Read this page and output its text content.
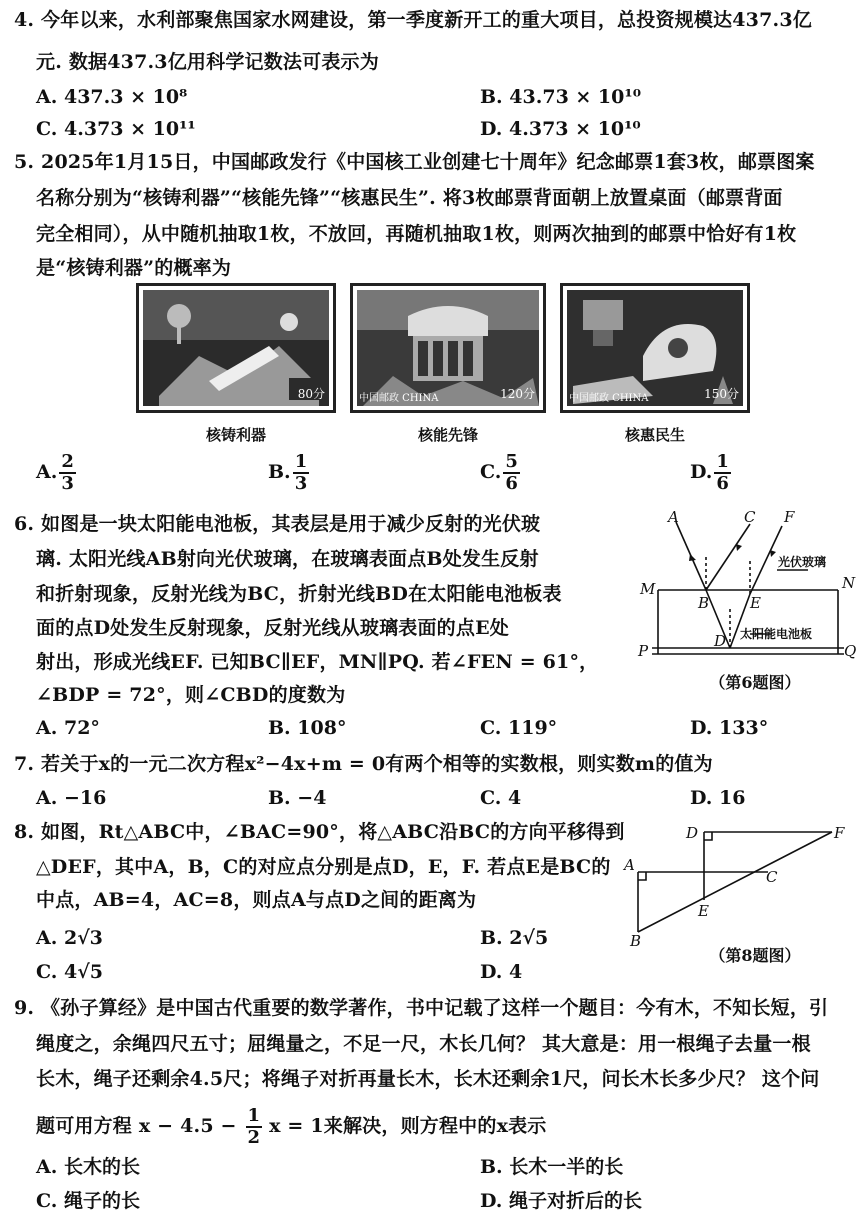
4. 今年以来，水利部聚焦国家水网建设，第一季度新开工的重大项目，总投资规模达437.3亿
元. 数据437.3亿用科学记数法可表示为
A. 437.3 × 10⁸	B. 43.73 × 10¹⁰
C. 4.373 × 10¹¹	D. 4.373 × 10¹⁰
5. 2025年1月15日，中国邮政发行《中国核工业创建七十周年》纪念邮票1套3枚，邮票图案
名称分别为“核铸利器”“核能先锋”“核惠民生”. 将3枚邮票背面朝上放置桌面（邮票背面
完全相同），从中随机抽取1枚，不放回，再随机抽取1枚，则两次抽到的邮票中恰好有1枚
是“核铸利器”的概率为
80分
核铸利器
中国邮政 CHINA	120分
核能先锋
中国邮政 CHINA	150分
核惠民生
A. $\frac{2}{3}$	B. $\frac{1}{3}$	C. $\frac{5}{6}$	D. $\frac{1}{6}$
6. 如图是一块太阳能电池板，其表层是用于减少反射的光伏玻
璃. 太阳光线AB射向光伏玻璃，在玻璃表面点B处发生反射
和折射现象，反射光线为BC，折射光线BD在太阳能电池板表
面的点D处发生反射现象，反射光线从玻璃表面的点E处
射出，形成光线EF. 已知BC∥EF，MN∥PQ. 若∠FEN = 61°，
∠BDP = 72°，则∠CBD的度数为
A	C F
M	N
B	E
D
P	Q
光伏玻璃
太阳能电池板
（第6题图）
A. 72°	B. 108°	C. 119°	D. 133°
7. 若关于x的一元二次方程x²−4x+m = 0有两个相等的实数根，则实数m的值为
A. −16	B. −4	C. 4	D. 16
8. 如图，Rt△ABC中，∠BAC=90°，将△ABC沿BC的方向平移得到
△DEF，其中A，B，C的对应点分别是点D，E，F. 若点E是BC的
中点，AB=4，AC=8，则点A与点D之间的距离为
A. 2√3	B. 2√5
C. 4√5	D. 4
A
B
C
D
E
F
（第8题图）
9. 《孙子算经》是中国古代重要的数学著作，书中记载了这样一个题目：今有木，不知长短，引
绳度之，余绳四尺五寸；屈绳量之，不足一尺，木长几何？ 其大意是：用一根绳子去量一根
长木，绳子还剩余4.5尺；将绳子对折再量长木，长木还剩余1尺，问长木长多少尺？ 这个问
题可用方程 $x - 4.5 - \frac{1}{2}$ x = 1来解决，则方程中的x表示
A. 长木的长	B. 长木一半的长
C. 绳子的长	D. 绳子对折后的长
